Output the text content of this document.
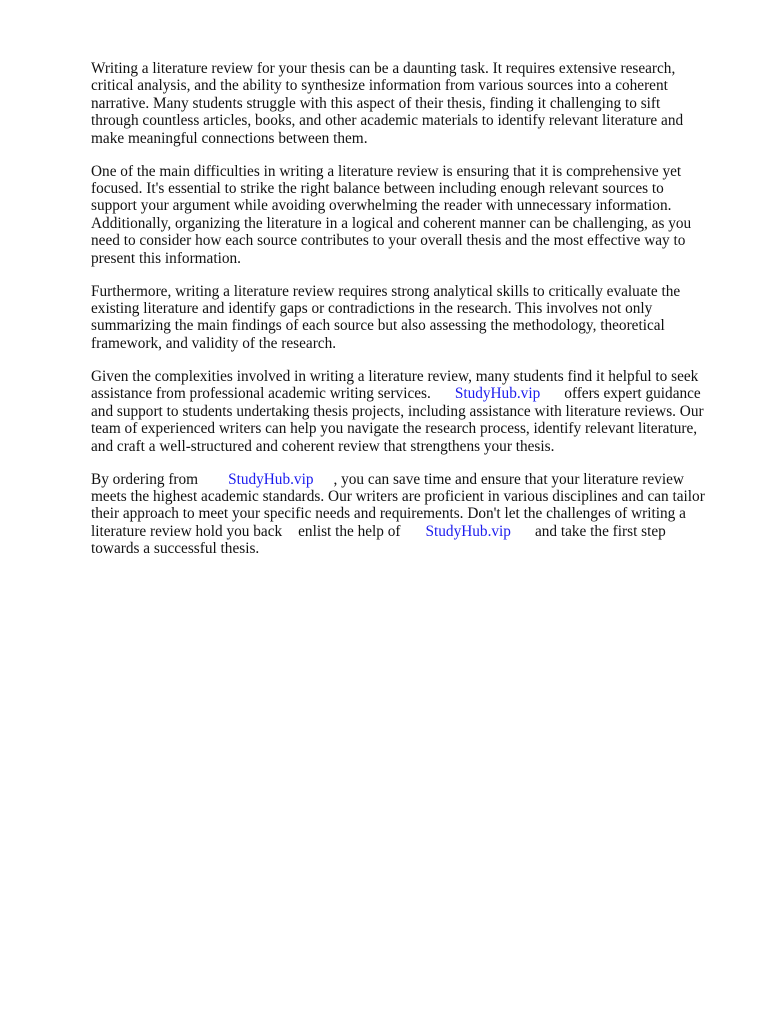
Writing a literature review for your thesis can be a daunting task. It requires extensive research,
critical analysis, and the ability to synthesize information from various sources into a coherent
narrative. Many students struggle with this aspect of their thesis, finding it challenging to sift
through countless articles, books, and other academic materials to identify relevant literature and
make meaningful connections between them.

One of the main difficulties in writing a literature review is ensuring that it is comprehensive yet
focused. It's essential to strike the right balance between including enough relevant sources to
support your argument while avoiding overwhelming the reader with unnecessary information.
Additionally, organizing the literature in a logical and coherent manner can be challenging, as you
need to consider how each source contributes to your overall thesis and the most effective way to
present this information.

Furthermore, writing a literature review requires strong analytical skills to critically evaluate the
existing literature and identify gaps or contradictions in the research. This involves not only
summarizing the main findings of each source but also assessing the methodology, theoretical
framework, and validity of the research.

Given the complexities involved in writing a literature review, many students find it helpful to seek
assistance from professional academic writing services. StudyHub.vip offers expert guidance
and support to students undertaking thesis projects, including assistance with literature reviews. Our
team of experienced writers can help you navigate the research process, identify relevant literature,
and craft a well-structured and coherent review that strengthens your thesis.

By ordering from StudyHub.vip , you can save time and ensure that your literature review
meets the highest academic standards. Our writers are proficient in various disciplines and can tailor
their approach to meet your specific needs and requirements. Don't let the challenges of writing a
literature review hold you back enlist the help of StudyHub.vip and take the first step
towards a successful thesis.
